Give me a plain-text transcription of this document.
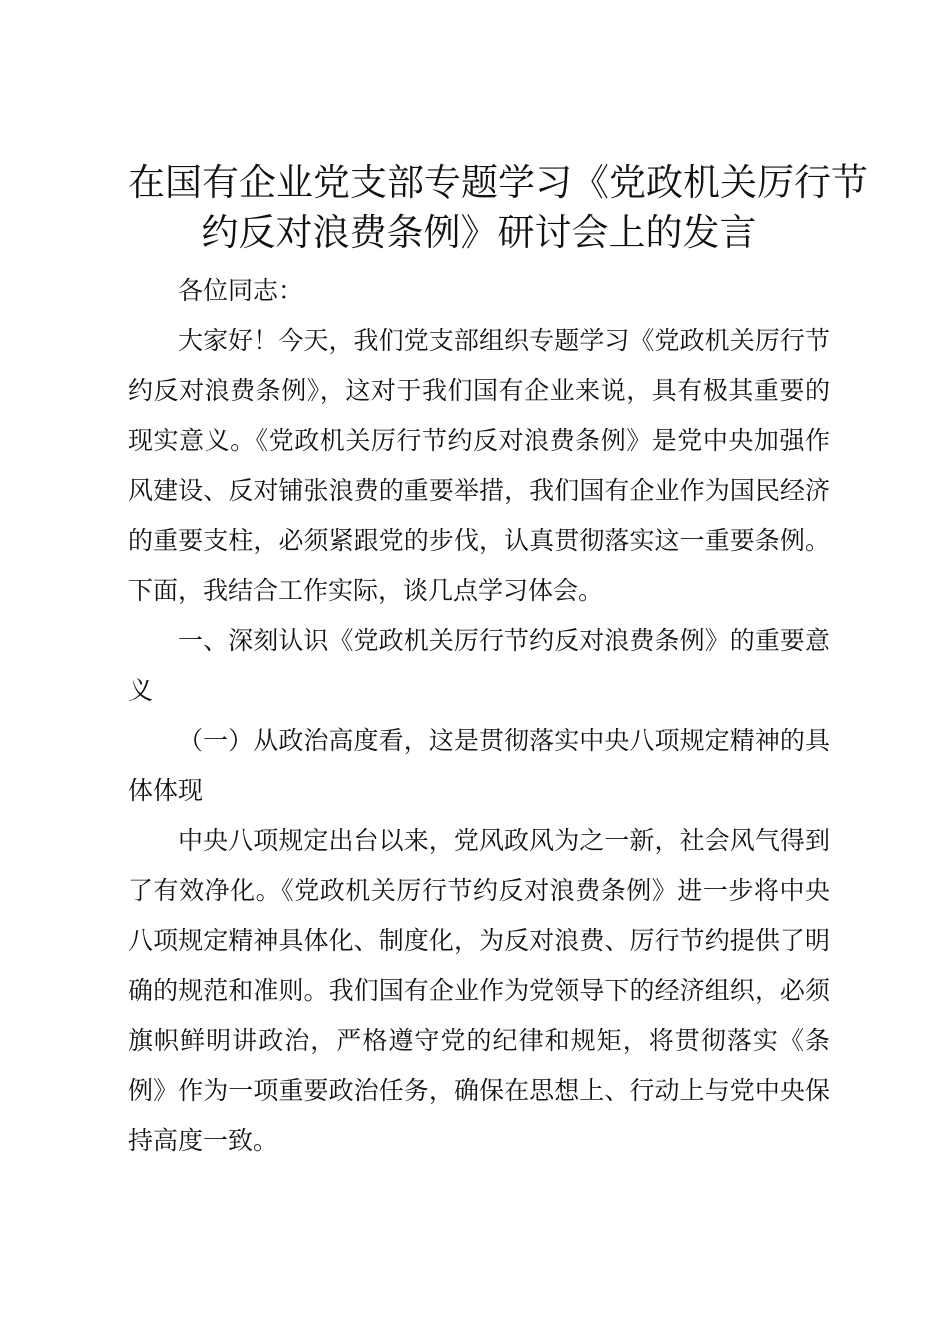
在国有企业党支部专题学习《党政机关厉行节
约反对浪费条例》研讨会上的发言

各位同志：

大家好！今天，我们党支部组织专题学习《党政机关厉行节约反对浪费条例》，这对于我们国有企业来说，具有极其重要的现实意义。《党政机关厉行节约反对浪费条例》是党中央加强作风建设、反对铺张浪费的重要举措，我们国有企业作为国民经济的重要支柱，必须紧跟党的步伐，认真贯彻落实这一重要条例。下面，我结合工作实际，谈几点学习体会。

一、深刻认识《党政机关厉行节约反对浪费条例》的重要意义

（一）从政治高度看，这是贯彻落实中央八项规定精神的具体体现

中央八项规定出台以来，党风政风为之一新，社会风气得到了有效净化。《党政机关厉行节约反对浪费条例》进一步将中央八项规定精神具体化、制度化，为反对浪费、厉行节约提供了明确的规范和准则。我们国有企业作为党领导下的经济组织，必须旗帜鲜明讲政治，严格遵守党的纪律和规矩，将贯彻落实《条例》作为一项重要政治任务，确保在思想上、行动上与党中央保持高度一致。
